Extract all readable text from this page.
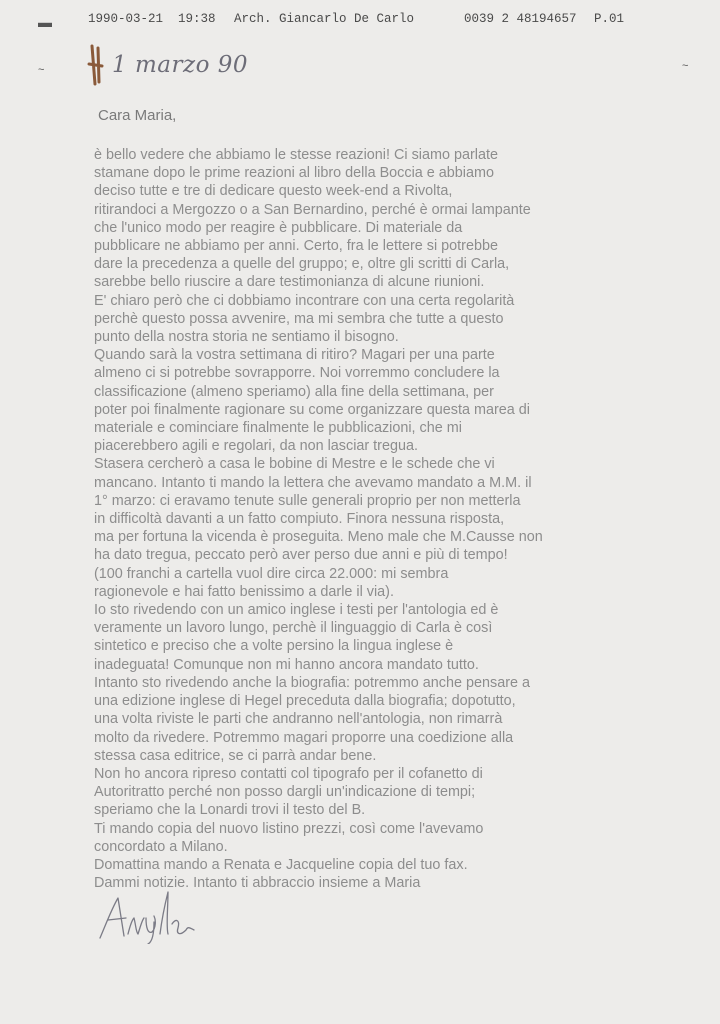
▬
~	~
1990-03-21 19:38 Arch. Giancarlo De Carlo	0039 2 48194657 P.01
1 marzo 90
Cara Maria,
è bello vedere che abbiamo le stesse reazioni! Ci siamo parlate
stamane dopo le prime reazioni al libro della Boccia e abbiamo
deciso tutte e tre di dedicare questo week-end a Rivolta,
ritirandoci a Mergozzo o a San Bernardino, perché è ormai lampante
che l'unico modo per reagire è pubblicare. Di materiale da
pubblicare ne abbiamo per anni. Certo, fra le lettere si potrebbe
dare la precedenza a quelle del gruppo; e, oltre gli scritti di Carla,
sarebbe bello riuscire a dare testimonianza di alcune riunioni.
E' chiaro però che ci dobbiamo incontrare con una certa regolarità
perchè questo possa avvenire, ma mi sembra che tutte a questo
punto della nostra storia ne sentiamo il bisogno.
Quando sarà la vostra settimana di ritiro? Magari per una parte
almeno ci si potrebbe sovrapporre. Noi vorremmo concludere la
classificazione (almeno speriamo) alla fine della settimana, per
poter poi finalmente ragionare su come organizzare questa marea di
materiale e cominciare finalmente le pubblicazioni, che mi
piacerebbero agili e regolari, da non lasciar tregua.
Stasera cercherò a casa le bobine di Mestre e le schede che vi
mancano. Intanto ti mando la lettera che avevamo mandato a M.M. il
1° marzo: ci eravamo tenute sulle generali proprio per non metterla
in difficoltà davanti a un fatto compiuto. Finora nessuna risposta,
ma per fortuna la vicenda è proseguita. Meno male che M.Causse non
ha dato tregua, peccato però aver perso due anni e più di tempo!
(100 franchi a cartella vuol dire circa 22.000: mi sembra
ragionevole e hai fatto benissimo a darle il via).
Io sto rivedendo con un amico inglese i testi per l'antologia ed è
veramente un lavoro lungo, perchè il linguaggio di Carla è così
sintetico e preciso che a volte persino la lingua inglese è
inadeguata! Comunque non mi hanno ancora mandato tutto.
Intanto sto rivedendo anche la biografia: potremmo anche pensare a
una edizione inglese di Hegel preceduta dalla biografia; dopotutto,
una volta riviste le parti che andranno nell'antologia, non rimarrà
molto da rivedere. Potremmo magari proporre una coedizione alla
stessa casa editrice, se ci parrà andar bene.
Non ho ancora ripreso contatti col tipografo per il cofanetto di
Autoritratto perché non posso dargli un'indicazione di tempi;
speriamo che la Lonardi trovi il testo del B.
Ti mando copia del nuovo listino prezzi, così come l'avevamo
concordato a Milano.
Domattina mando a Renata e Jacqueline copia del tuo fax.
Dammi notizie. Intanto ti abbraccio insieme a Maria
